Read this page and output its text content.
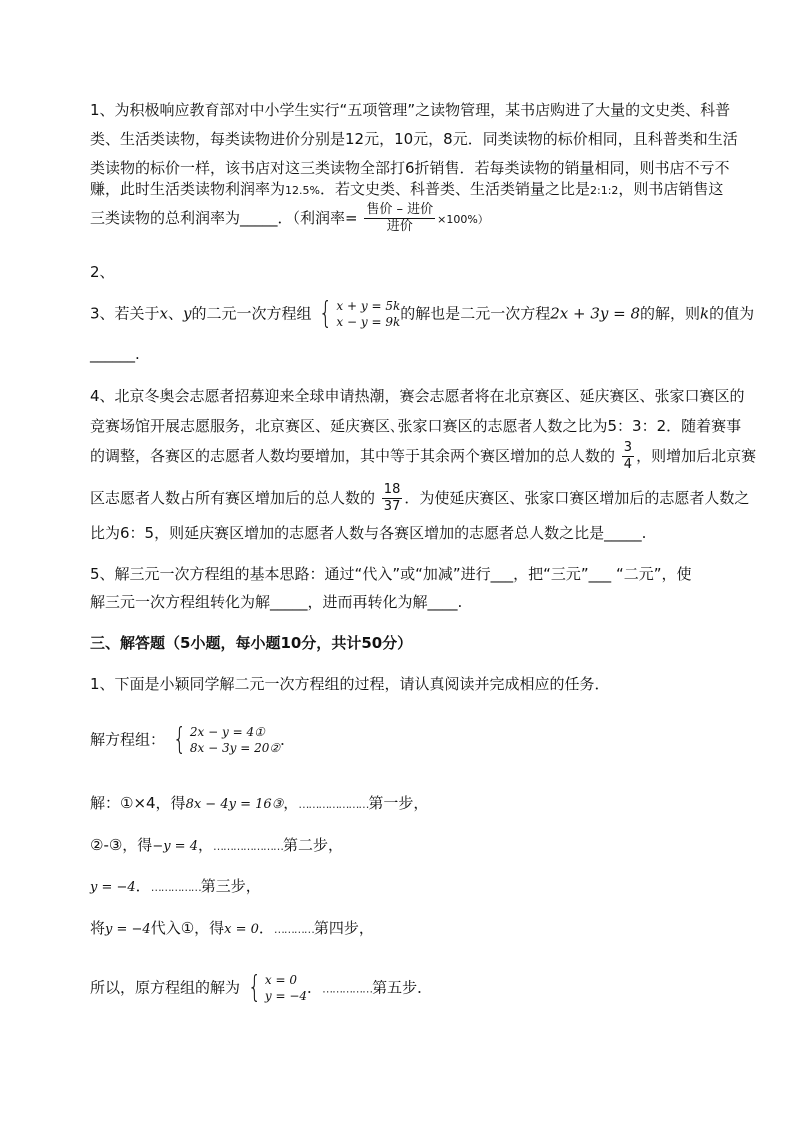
1、为积极响应教育部对中小学生实行“五项管理”之读物管理，某书店购进了大量的文史类、科普
类、生活类读物，每类读物进价分别是12元，10元，8元．同类读物的标价相同，且科普类和生活
类读物的标价一样，该书店对这三类读物全部打6折销售．若每类读物的销量相同，则书店不亏不
赚，此时生活类读物利润率为12.5%．若文史类、科普类、生活类销量之比是2:1:2，则书店销售这
三类读物的总利润率为_____．（利润率= $\frac{\text{售价 – 进价}}{\text{进价}} \times 100\%$）
2、
3、若关于x、y的二元一次方程组 { x + y = 5k
x − y = 9k 的解也是二元一次方程2x + 3y = 8的解，则k的值为
______.
4、北京冬奥会志愿者招募迎来全球申请热潮，赛会志愿者将在北京赛区、延庆赛区、张家口赛区的
竞赛场馆开展志愿服务，北京赛区、延庆赛区､张家口赛区的志愿者人数之比为5：3：2．随着赛事
的调整，各赛区的志愿者人数均要增加，其中等于其余两个赛区增加的总人数的 $\frac{3}{4}$ ，则增加后北京赛
区志愿者人数占所有赛区增加后的总人数的 $\frac{18}{37}$ ．为使延庆赛区、张家口赛区增加后的志愿者人数之
比为6：5，则延庆赛区增加的志愿者人数与各赛区增加的志愿者总人数之比是_____.
5、解三元一次方程组的基本思路：通过“代入”或“加减”进行___，把“三元”___ “二元”，使
解三元一次方程组转化为解_____，进而再转化为解____.
三、解答题（5小题，每小题10分，共计50分）
1、下面是小颖同学解二元一次方程组的过程，请认真阅读并完成相应的任务．
解方程组： { 2x − y = 4①
8x − 3y = 20② ．
解：①×4，得8x − 4y = 16③，…………………第一步，
②-③，得−y = 4，…………………第二步，
y = −4．……………第三步，
将y = −4代入①，得x = 0．…………第四步，
所以，原方程组的解为 { x = 0
y = −4 ．……………第五步．
